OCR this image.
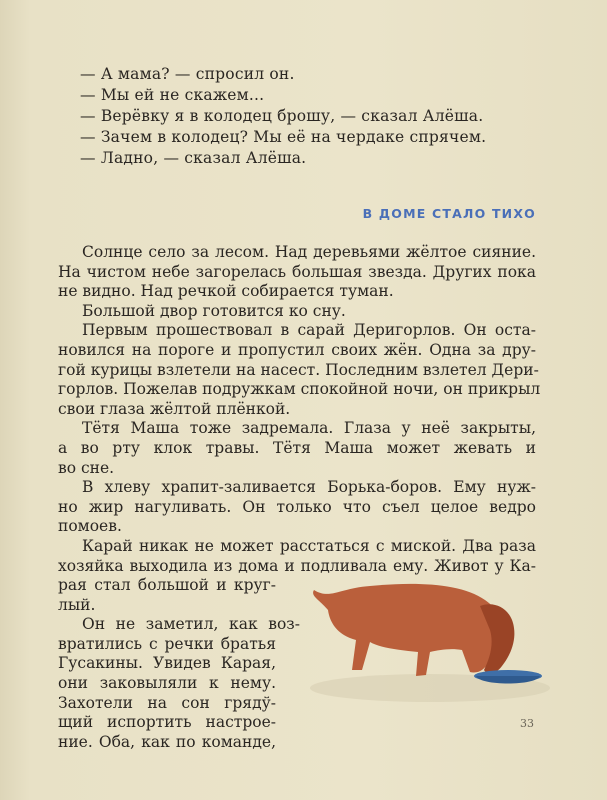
— А мама? — спросил он.
— Мы ей не скажем...
— Верёвку я в колодец брошу, — сказал Алёша.
— Зачем в колодец? Мы её на чердаке спрячем.
— Ладно, — сказал Алёша.
В ДОМЕ СТАЛО ТИХО
Солнце село за лесом. Над деревьями жёлтое сияние.
На чистом небе загорелась большая звезда. Других пока
не видно. Над речкой собирается туман.
Большой двор готовится ко сну.
Первым прошествовал в сарай Деригорлов. Он оста-
новился на пороге и пропустил своих жён. Одна за дру-
гой курицы взлетели на насест. Последним взлетел Дери-
горлов. Пожелав подружкам спокойной ночи, он прикрыл
свои глаза жёлтой плёнкой.
Тётя Маша тоже задремала. Глаза у неё закрыты,
а во рту клок травы. Тётя Маша может жевать и
во сне.
В хлеву храпит-заливается Борька-боров. Ему нуж-
но жир нагуливать. Он только что съел целое ведро
помоев.
Карай никак не может расстаться с миской. Два раза
хозяйка выходила из дома и подливала ему. Живот у Ка-
рая стал большой и круг-
лый.
Он не заметил, как воз-
вратились с речки братья
Гусакины. Увидев Карая,
они заковыляли к нему.
Захотели на сон грядў-
щий испортить настрое-
ние. Оба, как по команде,
33
